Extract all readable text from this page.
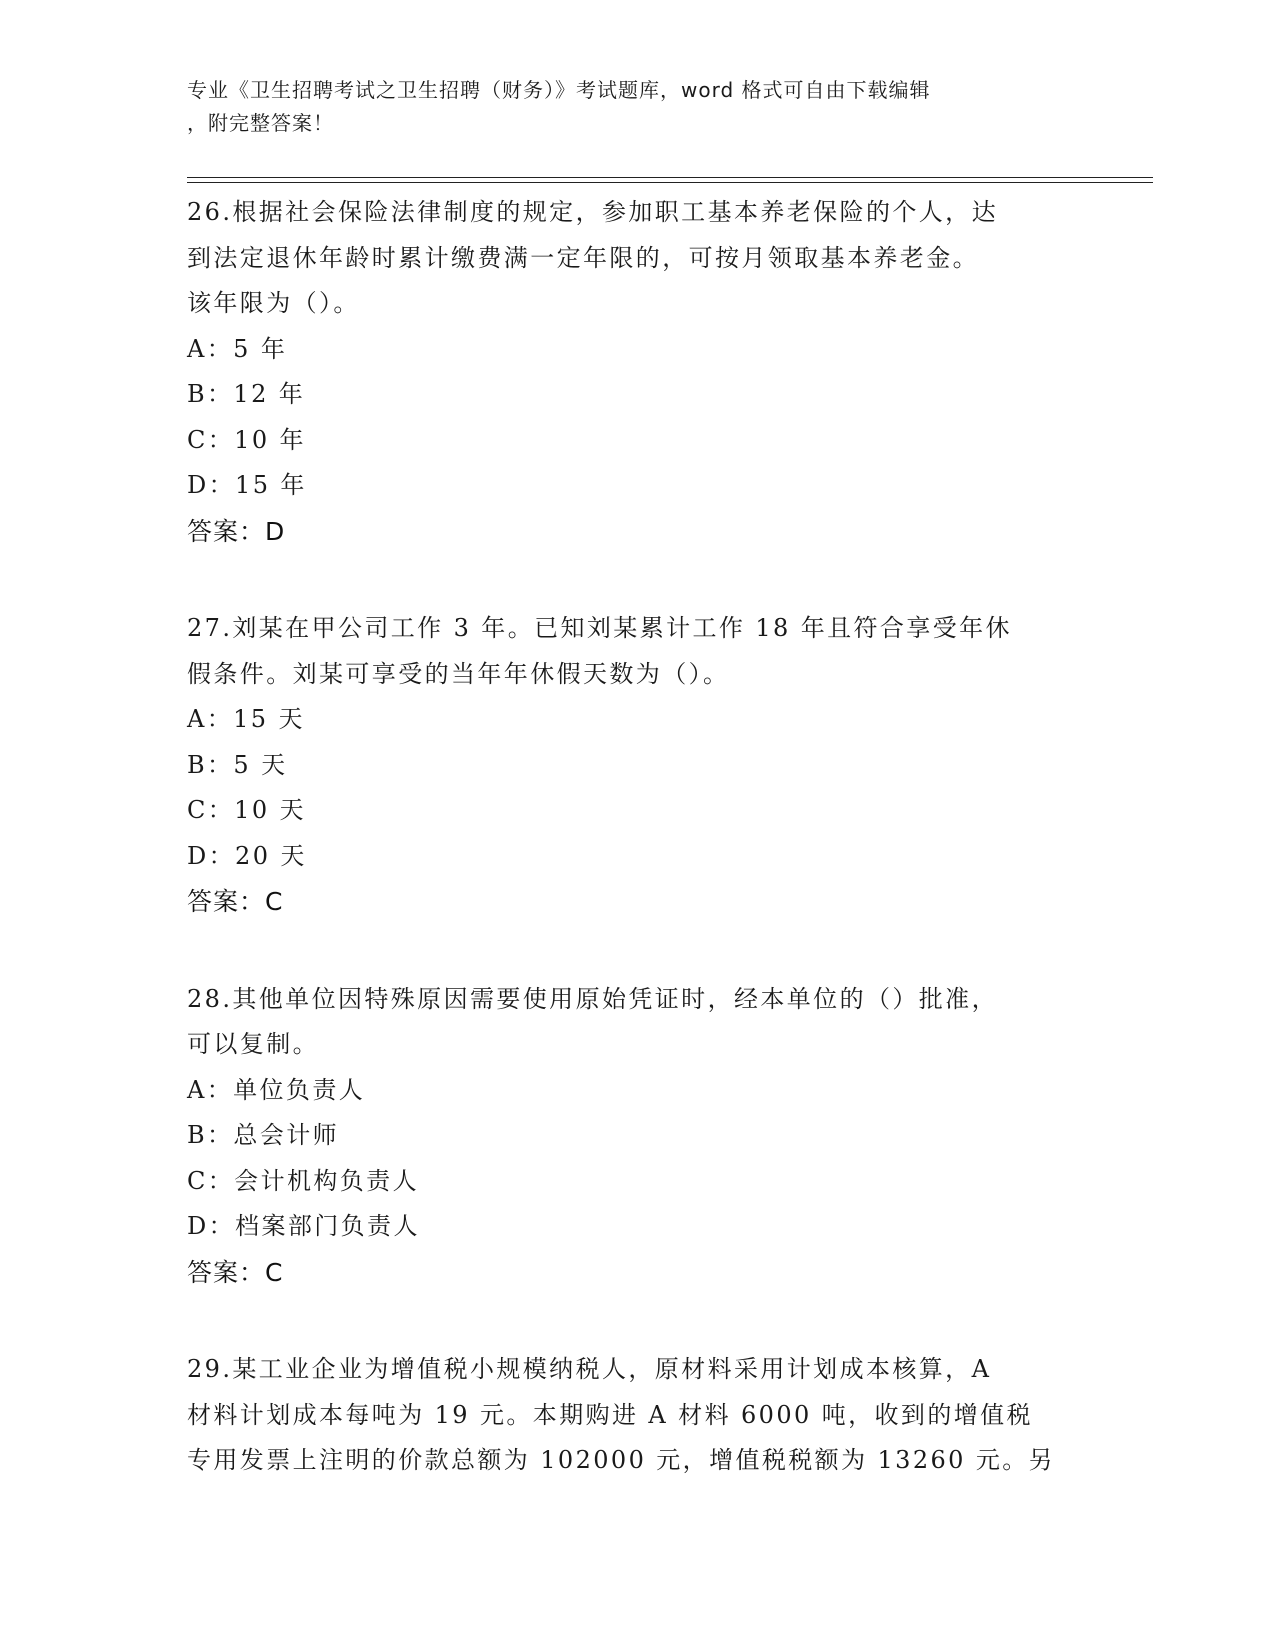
专业《卫生招聘考试之卫生招聘（财务）》考试题库，word 格式可自由下载编辑
，附完整答案！
26.根据社会保险法律制度的规定，参加职工基本养老保险的个人，达
到法定退休年龄时累计缴费满一定年限的，可按月领取基本养老金。
该年限为（）。
A：5 年
B：12 年
C：10 年
D：15 年
答案：D
27.刘某在甲公司工作 3 年。已知刘某累计工作 18 年且符合享受年休
假条件。刘某可享受的当年年休假天数为（）。
A：15 天
B：5 天
C：10 天
D：20 天
答案：C
28.其他单位因特殊原因需要使用原始凭证时，经本单位的（）批准，
可以复制。
A：单位负责人
B：总会计师
C：会计机构负责人
D：档案部门负责人
答案：C
29.某工业企业为增值税小规模纳税人，原材料采用计划成本核算，A
材料计划成本每吨为 19 元。本期购进 A 材料 6000 吨，收到的增值税
专用发票上注明的价款总额为 102000 元，增值税税额为 13260 元。另
